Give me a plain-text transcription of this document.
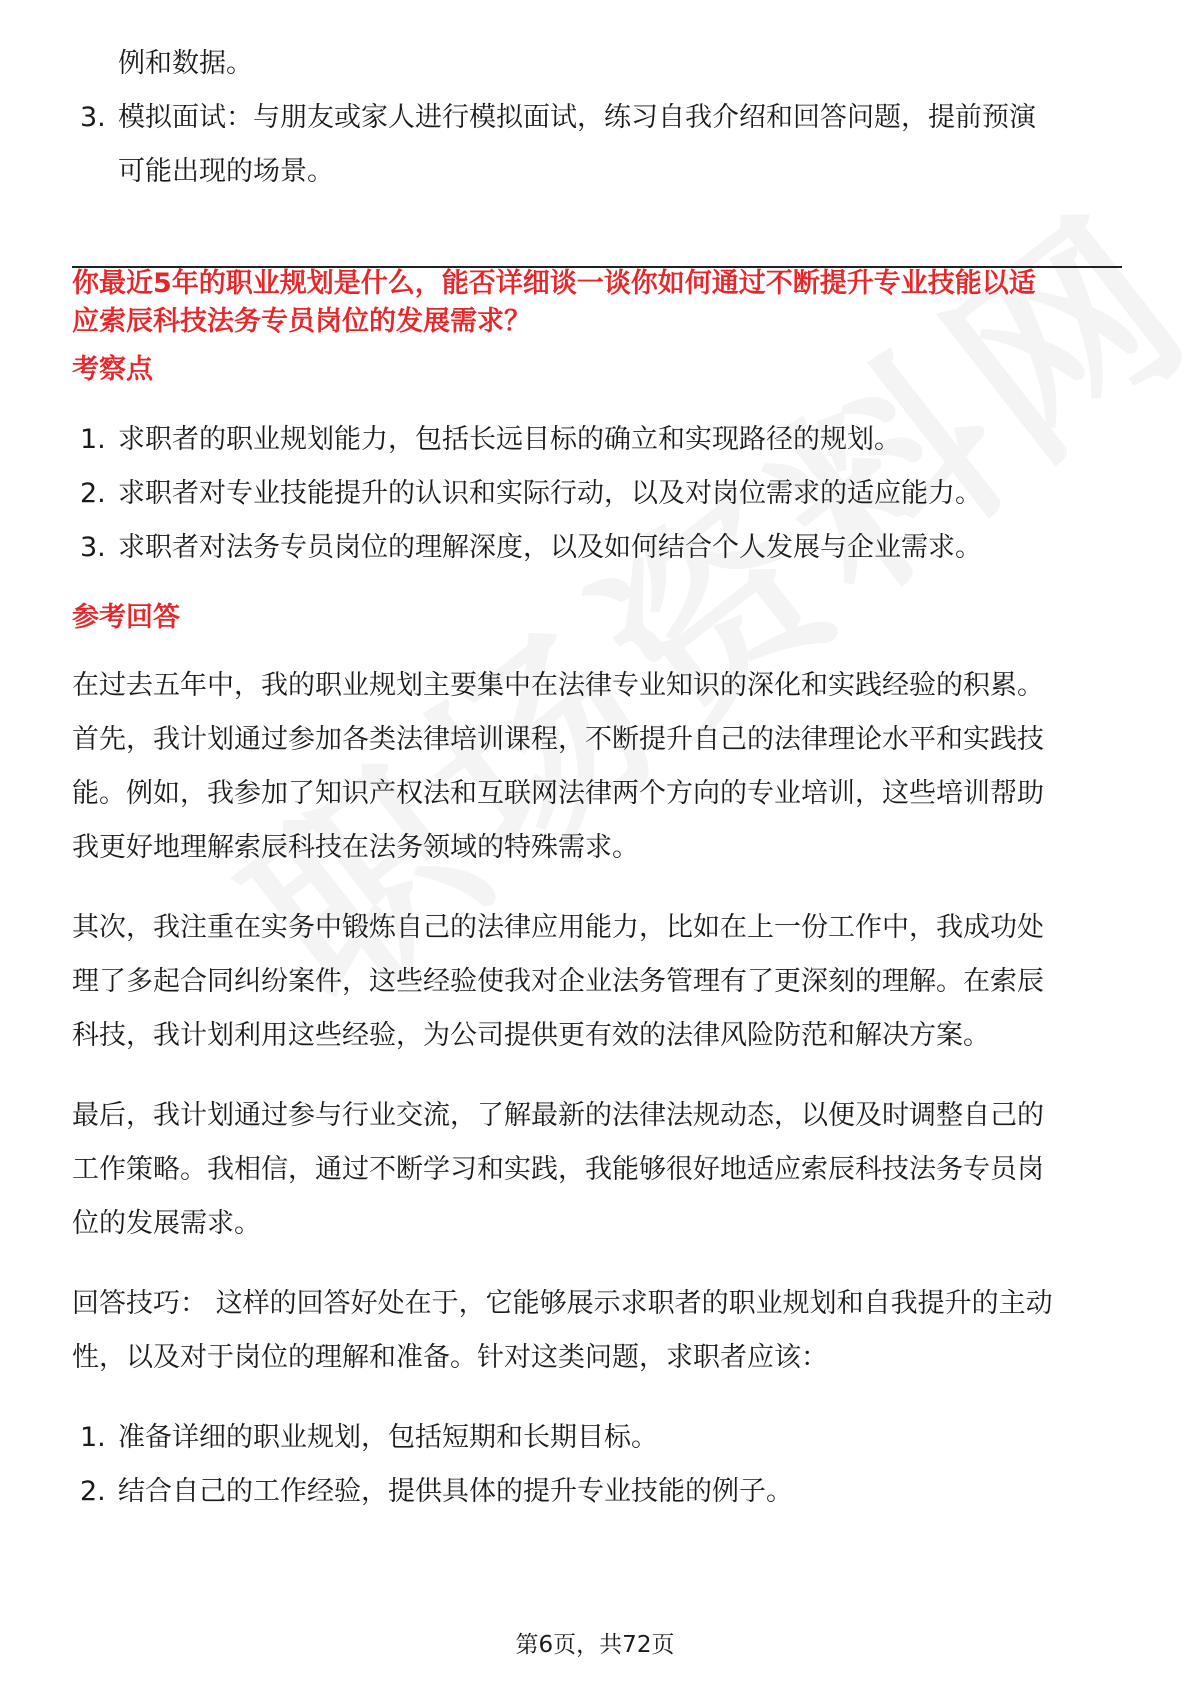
例和数据。
3. 模拟面试：与朋友或家人进行模拟面试，练习自我介绍和回答问题，提前预演
可能出现的场景。
你最近5年的职业规划是什么，能否详细谈一谈你如何通过不断提升专业技能以适
应索辰科技法务专员岗位的发展需求？
考察点
1. 求职者的职业规划能力，包括长远目标的确立和实现路径的规划。
2. 求职者对专业技能提升的认识和实际行动，以及对岗位需求的适应能力。
3. 求职者对法务专员岗位的理解深度，以及如何结合个人发展与企业需求。
参考回答
在过去五年中，我的职业规划主要集中在法律专业知识的深化和实践经验的积累。
首先，我计划通过参加各类法律培训课程，不断提升自己的法律理论水平和实践技
能。例如，我参加了知识产权法和互联网法律两个方向的专业培训，这些培训帮助
我更好地理解索辰科技在法务领域的特殊需求。
其次，我注重在实务中锻炼自己的法律应用能力，比如在上一份工作中，我成功处
理了多起合同纠纷案件，这些经验使我对企业法务管理有了更深刻的理解。在索辰
科技，我计划利用这些经验，为公司提供更有效的法律风险防范和解决方案。
最后，我计划通过参与行业交流，了解最新的法律法规动态，以便及时调整自己的
工作策略。我相信，通过不断学习和实践，我能够很好地适应索辰科技法务专员岗
位的发展需求。
回答技巧： 这样的回答好处在于，它能够展示求职者的职业规划和自我提升的主动
性，以及对于岗位的理解和准备。针对这类问题，求职者应该：
1. 准备详细的职业规划，包括短期和长期目标。
2. 结合自己的工作经验，提供具体的提升专业技能的例子。
第6页，共72页
